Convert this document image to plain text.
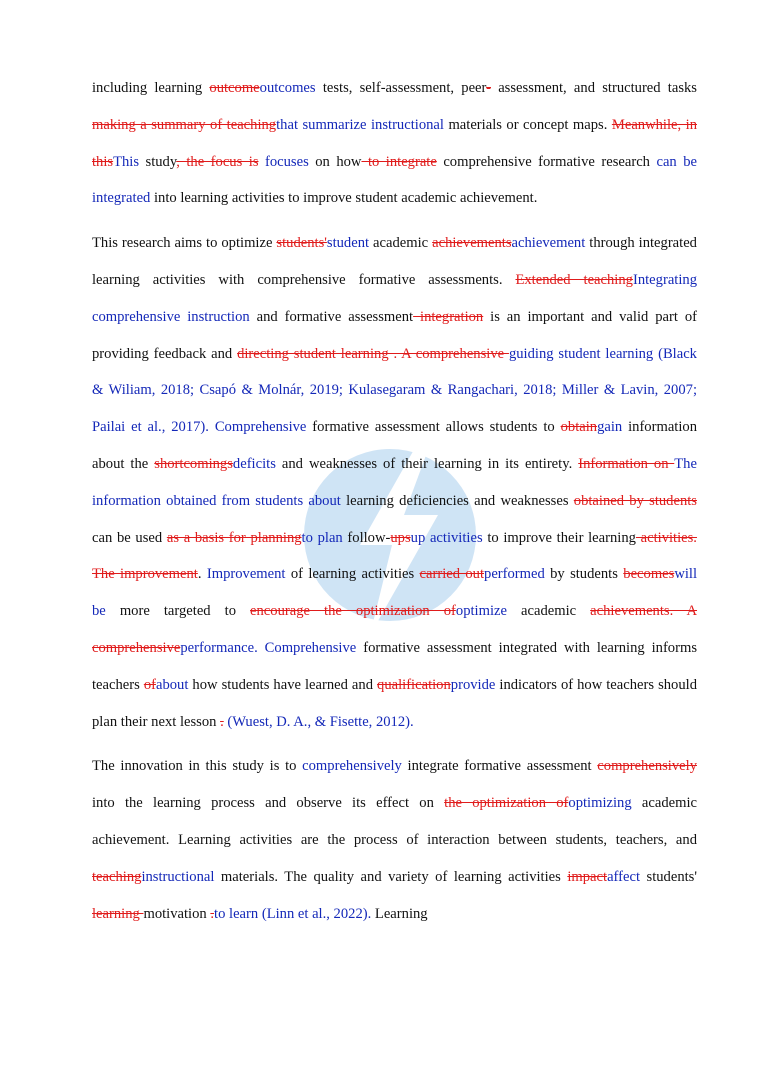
including learning outcomeoutcomes tests, self-assessment, peer- assessment, and structured tasks making a summary of teachingthat summarize instructional materials or concept maps. Meanwhile, in thisThis study, the focus is focuses on how to integrate comprehensive formative research can be integrated into learning activities to improve student academic achievement.

This research aims to optimize students'student academic achievementsachievement through integrated learning activities with comprehensive formative assessments. Extended teachingIntegrating comprehensive instruction and formative assessment integration is an important and valid part of providing feedback and directing student learning . A comprehensive guiding student learning (Black & Wiliam, 2018; Csapó & Molnár, 2019; Kulasegaram & Rangachari, 2018; Miller & Lavin, 2007; Pailai et al., 2017). Comprehensive formative assessment allows students to obtaingain information about the shortcomingsdeficits and weaknesses of their learning in its entirety. Information on The information obtained from students about learning deficiencies and weaknesses obtained by students can be used as a basis for planningto plan follow-upsup activities to improve their learning activities. The improvement. Improvement of learning activities carried outperformed by students becomeswill be more targeted to encourage the optimization ofoptimize academic achievements. A comprehensiveperformance. Comprehensive formative assessment integrated with learning informs teachers ofabout how students have learned and qualificationprovide indicators of how teachers should plan their next lesson . (Wuest, D. A., & Fisette, 2012).

The innovation in this study is to comprehensively integrate formative assessment comprehensively into the learning process and observe its effect on the optimization ofoptimizing academic achievement. Learning activities are the process of interaction between students, teachers, and teachinginstructional materials. The quality and variety of learning activities impactaffect students' learning motivation .to learn (Linn et al., 2022). Learning
